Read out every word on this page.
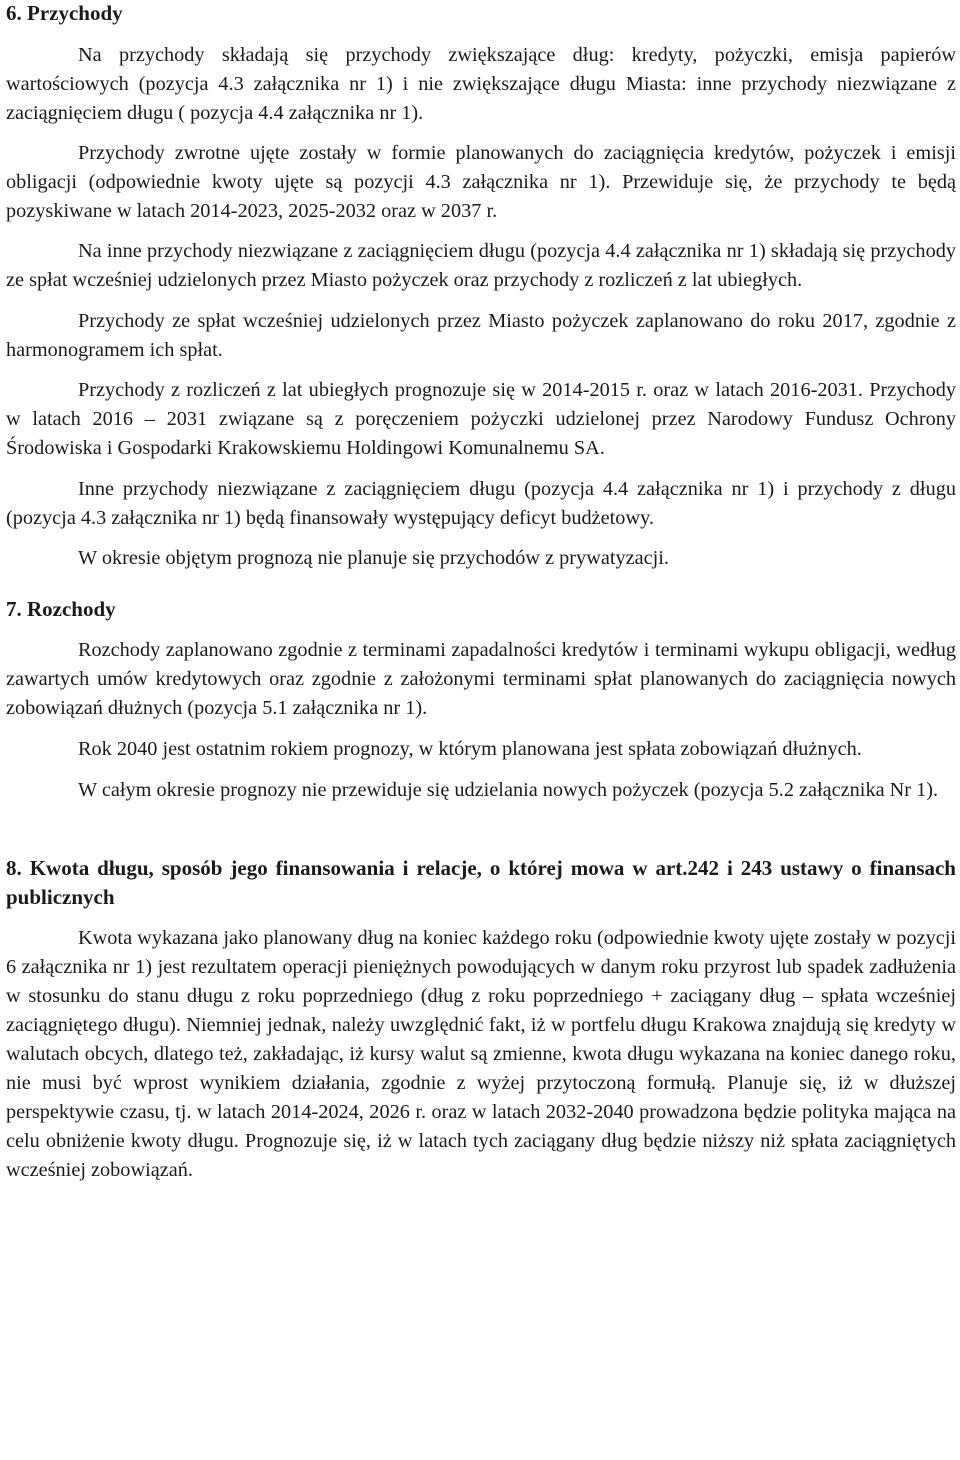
6. Przychody

Na przychody składają się przychody zwiększające dług: kredyty, pożyczki, emisja papierów wartościowych (pozycja 4.3 załącznika nr 1) i nie zwiększające długu Miasta: inne przychody niezwiązane z zaciągnięciem długu ( pozycja 4.4 załącznika nr 1).

Przychody zwrotne ujęte zostały w formie planowanych do zaciągnięcia kredytów, pożyczek i emisji obligacji (odpowiednie kwoty ujęte są pozycji 4.3 załącznika nr 1). Przewiduje się, że przychody te będą pozyskiwane w latach 2014-2023, 2025-2032 oraz w 2037 r.

Na inne przychody niezwiązane z zaciągnięciem długu (pozycja 4.4 załącznika nr 1) składają się przychody ze spłat wcześniej udzielonych przez Miasto pożyczek oraz przychody z rozliczeń z lat ubiegłych.

Przychody ze spłat wcześniej udzielonych przez Miasto pożyczek zaplanowano do roku 2017, zgodnie z harmonogramem ich spłat.

Przychody z rozliczeń z lat ubiegłych prognozuje się w 2014-2015 r. oraz w latach 2016-2031. Przychody w latach 2016 – 2031 związane są z poręczeniem pożyczki udzielonej przez Narodowy Fundusz Ochrony Środowiska i Gospodarki Krakowskiemu Holdingowi Komunalnemu SA.

Inne przychody niezwiązane z zaciągnięciem długu (pozycja 4.4 załącznika nr 1) i przychody z długu (pozycja 4.3 załącznika nr 1) będą finansowały występujący deficyt budżetowy.

W okresie objętym prognozą nie planuje się przychodów z prywatyzacji.

7. Rozchody

Rozchody zaplanowano zgodnie z terminami zapadalności kredytów i terminami wykupu obligacji, według zawartych umów kredytowych oraz zgodnie z założonymi terminami spłat planowanych do zaciągnięcia nowych zobowiązań dłużnych (pozycja 5.1 załącznika nr 1).

Rok 2040 jest ostatnim rokiem prognozy, w którym planowana jest spłata zobowiązań dłużnych.

W całym okresie prognozy nie przewiduje się udzielania nowych pożyczek (pozycja 5.2 załącznika Nr 1).

8. Kwota długu, sposób jego finansowania i relacje, o której mowa w art.242 i 243 ustawy o finansach publicznych

Kwota wykazana jako planowany dług na koniec każdego roku (odpowiednie kwoty ujęte zostały w pozycji 6 załącznika nr 1) jest rezultatem operacji pieniężnych powodujących w danym roku przyrost lub spadek zadłużenia w stosunku do stanu długu z roku poprzedniego (dług z roku poprzedniego + zaciągany dług – spłata wcześniej zaciągniętego długu). Niemniej jednak, należy uwzględnić fakt, iż w portfelu długu Krakowa znajdują się kredyty w walutach obcych, dlatego też, zakładając, iż kursy walut są zmienne, kwota długu wykazana na koniec danego roku, nie musi być wprost wynikiem działania, zgodnie z wyżej przytoczoną formułą. Planuje się, iż w dłuższej perspektywie czasu, tj. w latach 2014-2024, 2026 r. oraz w latach 2032-2040 prowadzona będzie polityka mająca na celu obniżenie kwoty długu. Prognozuje się, iż w latach tych zaciągany dług będzie niższy niż spłata zaciągniętych wcześniej zobowiązań.
